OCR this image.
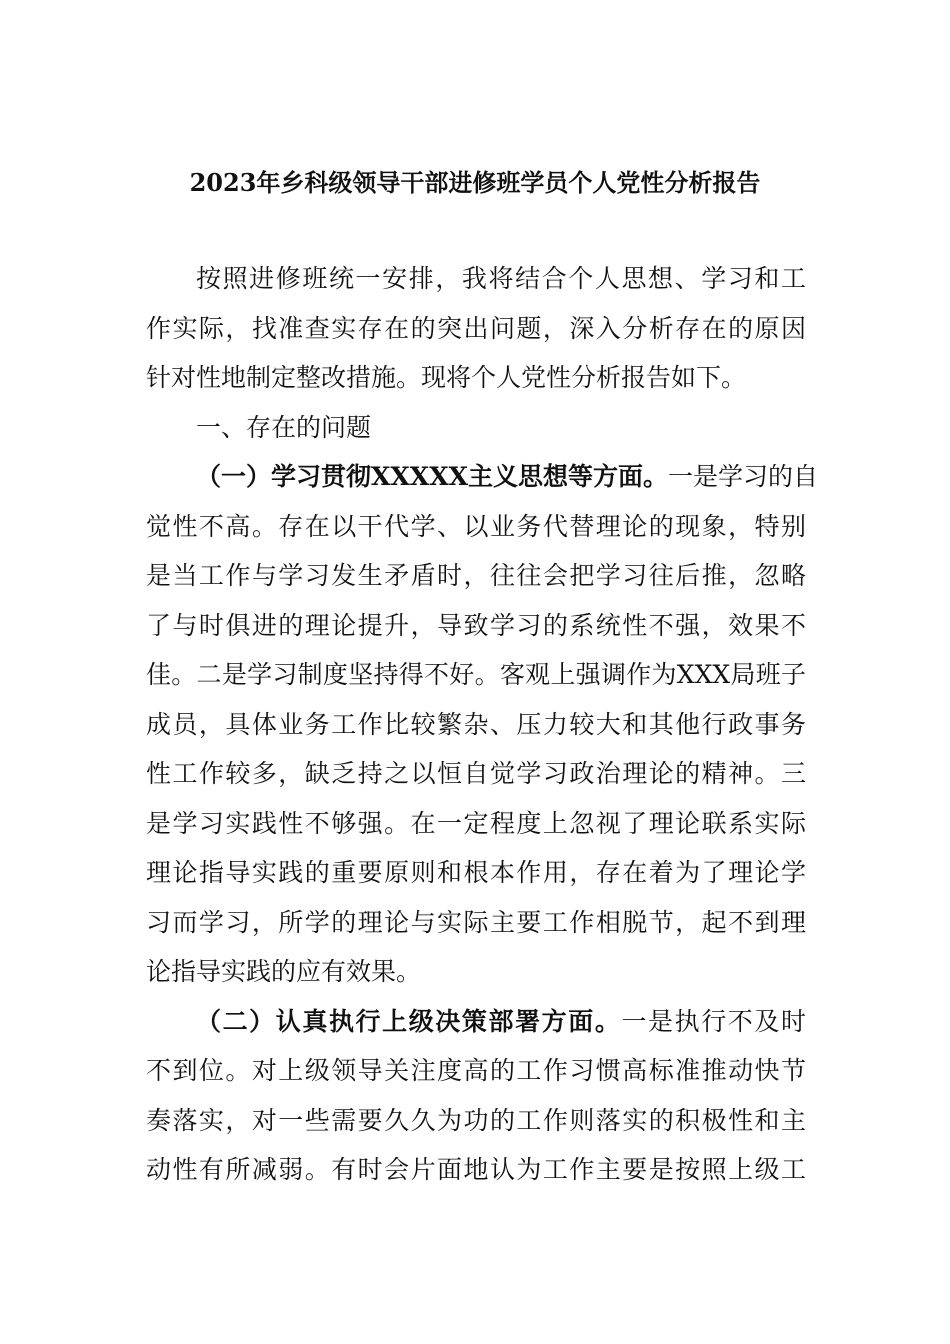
2023年乡科级领导干部进修班学员个人党性分析报告
按照进修班统一安排，我将结合个人思想、学习和工
作实际，找准查实存在的突出问题，深入分析存在的原因
针对性地制定整改措施。现将个人党性分析报告如下。
一、存在的问题
（一）学习贯彻XXXXX主义思想等方面。一是学习的自
觉性不高。存在以干代学、以业务代替理论的现象，特别
是当工作与学习发生矛盾时，往往会把学习往后推，忽略
了与时俱进的理论提升，导致学习的系统性不强，效果不
佳。二是学习制度坚持得不好。客观上强调作为XXX局班子
成员，具体业务工作比较繁杂、压力较大和其他行政事务
性工作较多，缺乏持之以恒自觉学习政治理论的精神。三
是学习实践性不够强。在一定程度上忽视了理论联系实际
理论指导实践的重要原则和根本作用，存在着为了理论学
习而学习，所学的理论与实际主要工作相脱节，起不到理
论指导实践的应有效果。
（二）认真执行上级决策部署方面。一是执行不及时
不到位。对上级领导关注度高的工作习惯高标准推动快节
奏落实，对一些需要久久为功的工作则落实的积极性和主
动性有所减弱。有时会片面地认为工作主要是按照上级工
